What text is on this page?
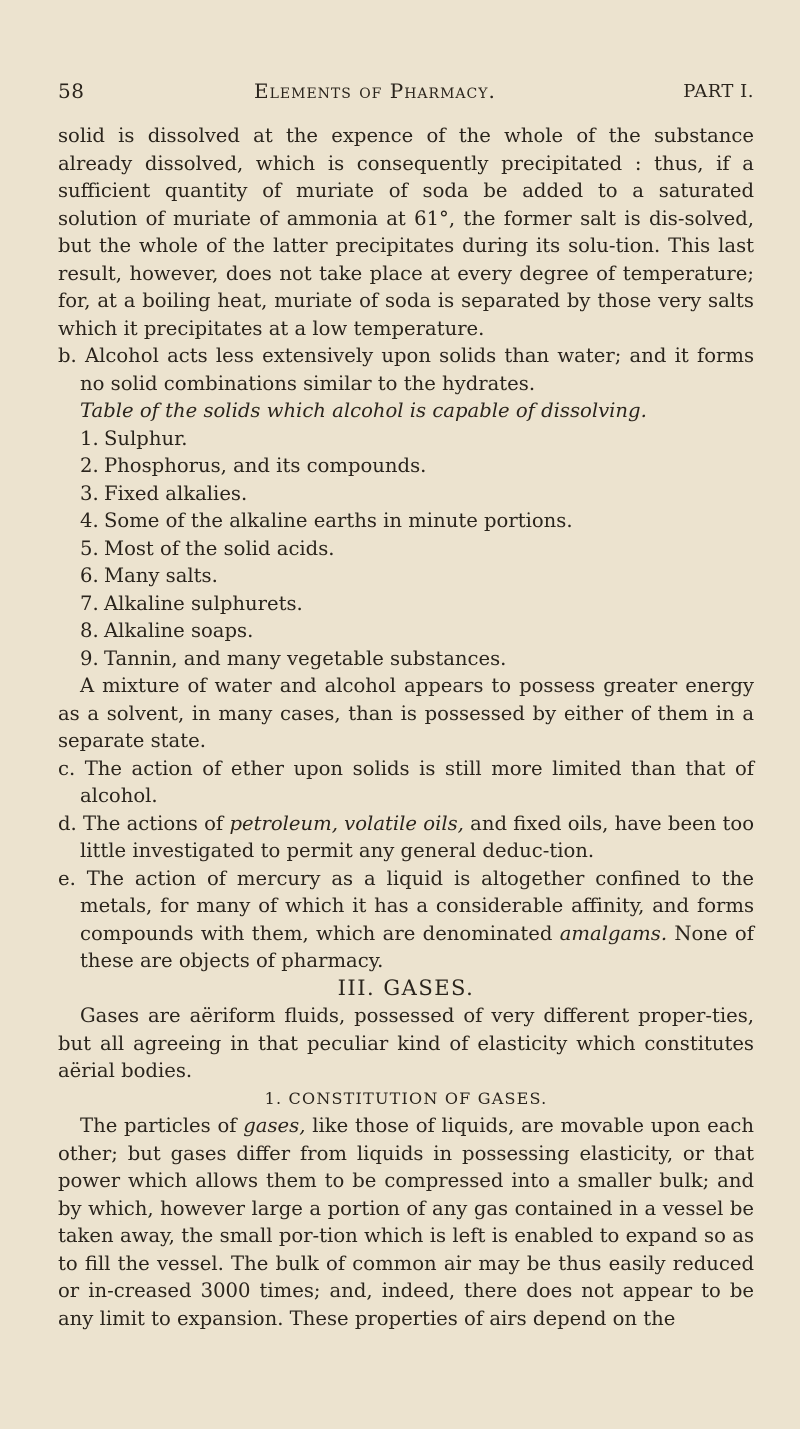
58	Elements of Pharmacy.	PART I.

solid is dissolved at the expence of the whole of the substance already dissolved, which is consequently precipitated : thus, if a sufficient quantity of muriate of soda be added to a saturated solution of muriate of ammonia at 61°, the former salt is dis-solved, but the whole of the latter precipitates during its solu-tion. This last result, however, does not take place at every degree of temperature; for, at a boiling heat, muriate of soda is separated by those very salts which it precipitates at a low temperature.

b. Alcohol acts less extensively upon solids than water; and it forms no solid combinations similar to the hydrates.

Table of the solids which alcohol is capable of dissolving.

1. Sulphur.
2. Phosphorus, and its compounds.
3. Fixed alkalies.
4. Some of the alkaline earths in minute portions.
5. Most of the solid acids.
6. Many salts.
7. Alkaline sulphurets.
8. Alkaline soaps.
9. Tannin, and many vegetable substances.

A mixture of water and alcohol appears to possess greater energy as a solvent, in many cases, than is possessed by either of them in a separate state.

c. The action of ether upon solids is still more limited than that of alcohol.

d. The actions of petroleum, volatile oils, and fixed oils, have been too little investigated to permit any general deduc-tion.

e. The action of mercury as a liquid is altogether confined to the metals, for many of which it has a considerable affinity, and forms compounds with them, which are denominated amalgams. None of these are objects of pharmacy.

III. GASES.

Gases are aëriform fluids, possessed of very different proper-ties, but all agreeing in that peculiar kind of elasticity which constitutes aërial bodies.

1. CONSTITUTION OF GASES.

The particles of gases, like those of liquids, are movable upon each other; but gases differ from liquids in possessing elasticity, or that power which allows them to be compressed into a smaller bulk; and by which, however large a portion of any gas contained in a vessel be taken away, the small por-tion which is left is enabled to expand so as to fill the vessel. The bulk of common air may be thus easily reduced or in-creased 3000 times; and, indeed, there does not appear to be any limit to expansion. These properties of airs depend on the
